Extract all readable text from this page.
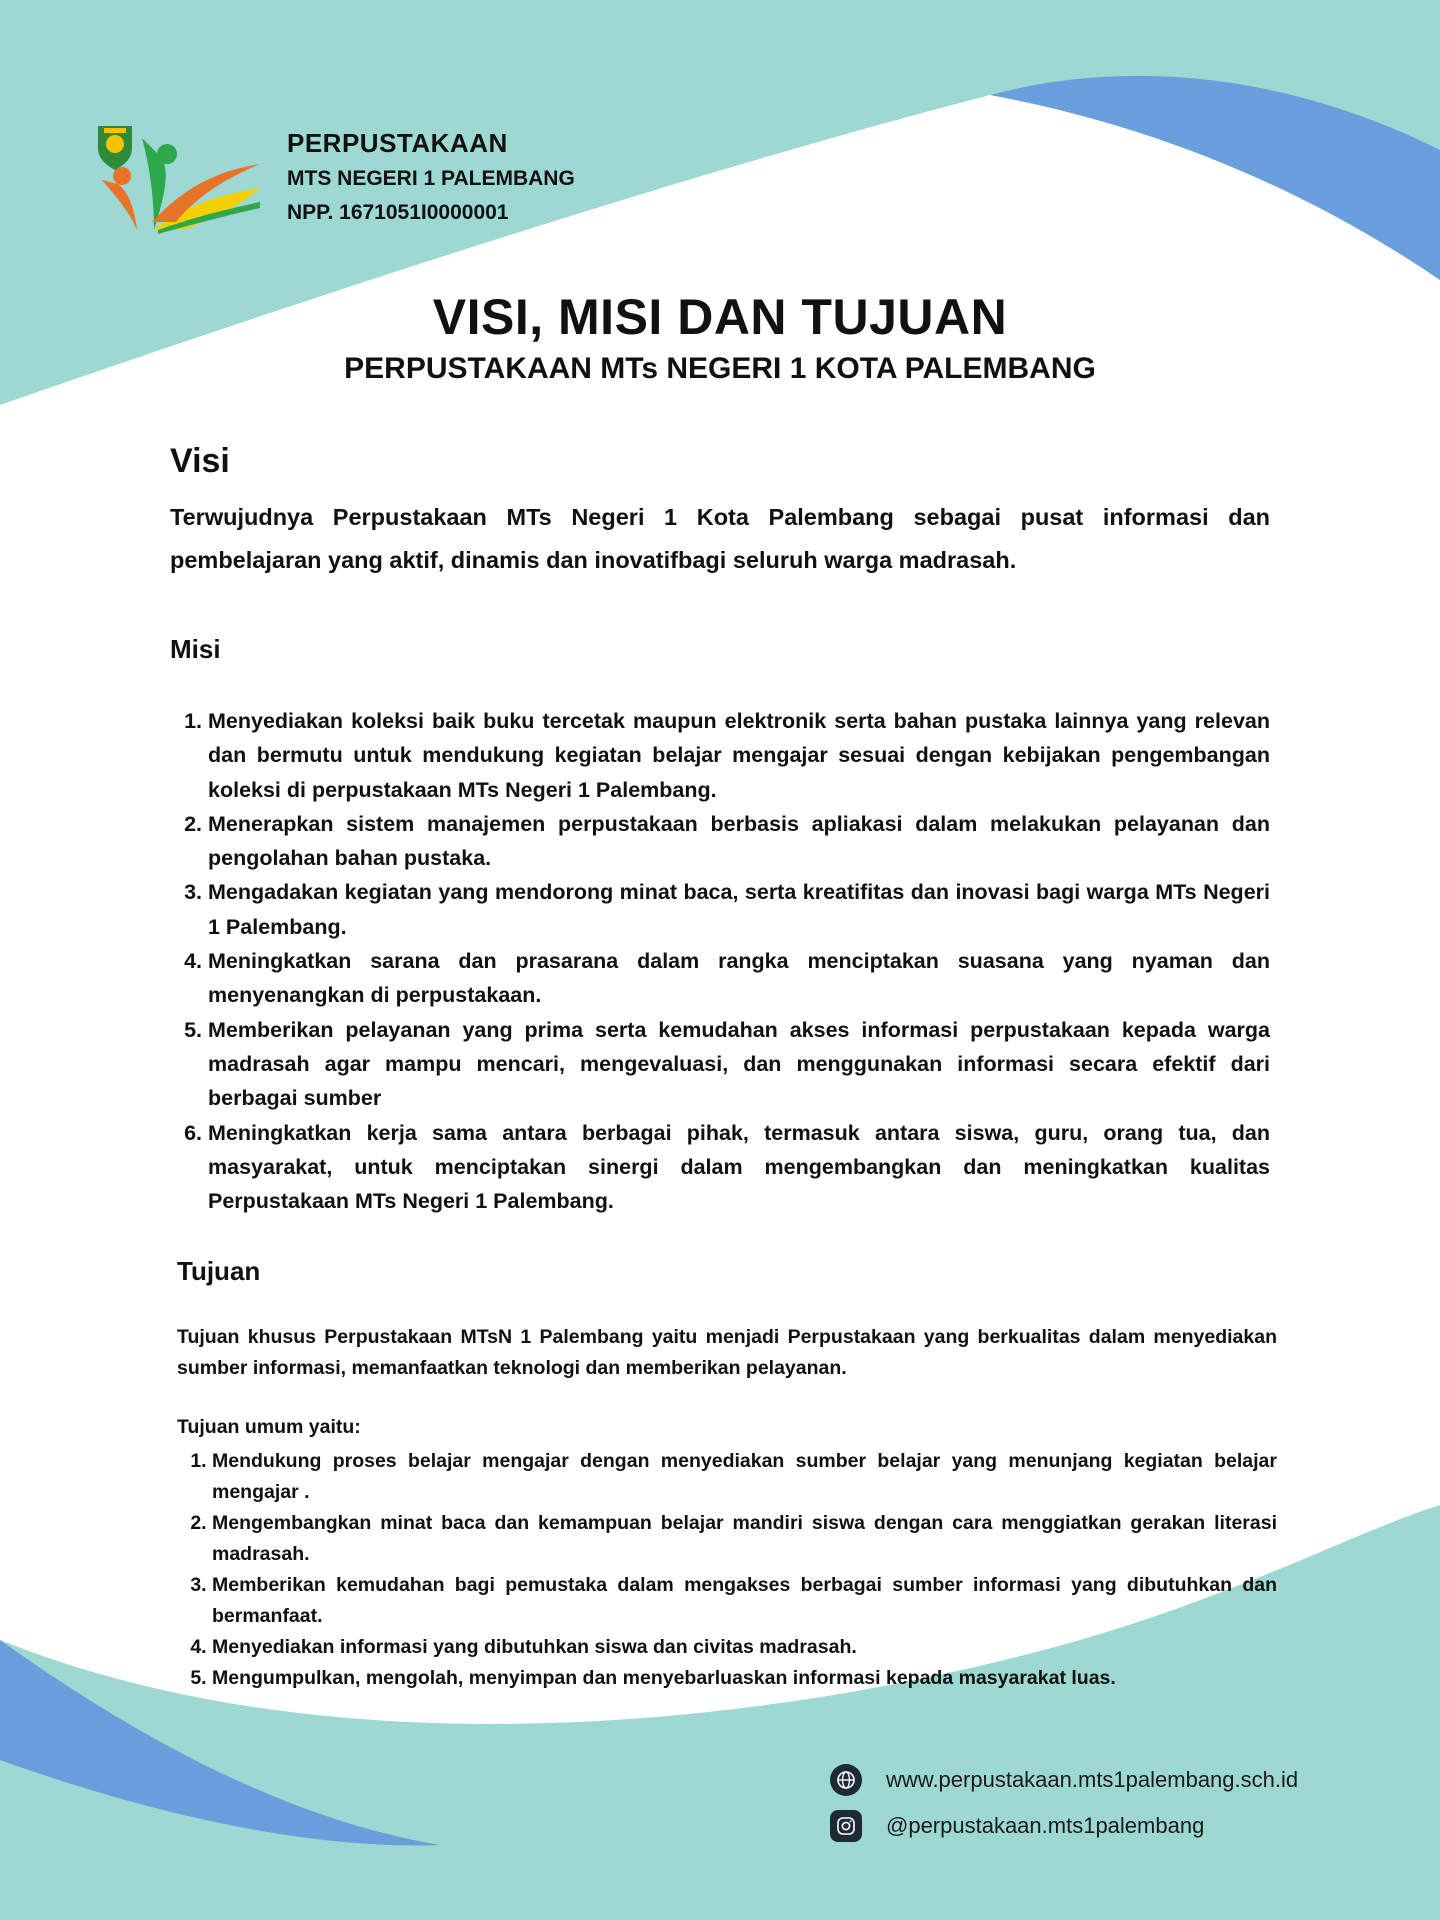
PERPUSTAKAAN
MTS NEGERI 1 PALEMBANG
NPP. 1671051I0000001
VISI, MISI DAN TUJUAN
PERPUSTAKAAN MTs NEGERI 1 KOTA PALEMBANG
Visi
Terwujudnya Perpustakaan MTs Negeri 1 Kota Palembang sebagai pusat informasi dan pembelajaran yang aktif, dinamis dan inovatifbagi seluruh warga madrasah.
Misi
1. Menyediakan koleksi baik buku tercetak maupun elektronik serta bahan pustaka lainnya yang relevan dan bermutu untuk mendukung kegiatan belajar mengajar sesuai dengan kebijakan pengembangan koleksi di perpustakaan MTs Negeri 1 Palembang.
2. Menerapkan sistem manajemen perpustakaan berbasis apliakasi dalam melakukan pelayanan dan pengolahan bahan pustaka.
3. Mengadakan kegiatan yang mendorong minat baca, serta kreatifitas dan inovasi bagi warga MTs Negeri 1 Palembang.
4. Meningkatkan sarana dan prasarana dalam rangka menciptakan suasana yang nyaman dan menyenangkan di perpustakaan.
5. Memberikan pelayanan yang prima serta kemudahan akses informasi perpustakaan kepada warga madrasah agar mampu mencari, mengevaluasi, dan menggunakan informasi secara efektif dari berbagai sumber
6. Meningkatkan kerja sama antara berbagai pihak, termasuk antara siswa, guru, orang tua, dan masyarakat, untuk menciptakan sinergi dalam mengembangkan dan meningkatkan kualitas Perpustakaan MTs Negeri 1 Palembang.
Tujuan
Tujuan khusus Perpustakaan MTsN 1 Palembang yaitu menjadi Perpustakaan yang berkualitas dalam menyediakan sumber informasi, memanfaatkan teknologi dan memberikan pelayanan.
Tujuan umum yaitu:
1. Mendukung proses belajar mengajar dengan menyediakan sumber belajar yang menunjang kegiatan belajar mengajar .
2. Mengembangkan minat baca dan kemampuan belajar mandiri siswa dengan cara menggiatkan gerakan literasi madrasah.
3. Memberikan kemudahan bagi pemustaka dalam mengakses berbagai sumber informasi yang dibutuhkan dan bermanfaat.
4. Menyediakan informasi yang dibutuhkan siswa dan civitas madrasah.
5. Mengumpulkan, mengolah, menyimpan dan menyebarluaskan informasi kepada masyarakat luas.
www.perpustakaan.mts1palembang.sch.id
@perpustakaan.mts1palembang
